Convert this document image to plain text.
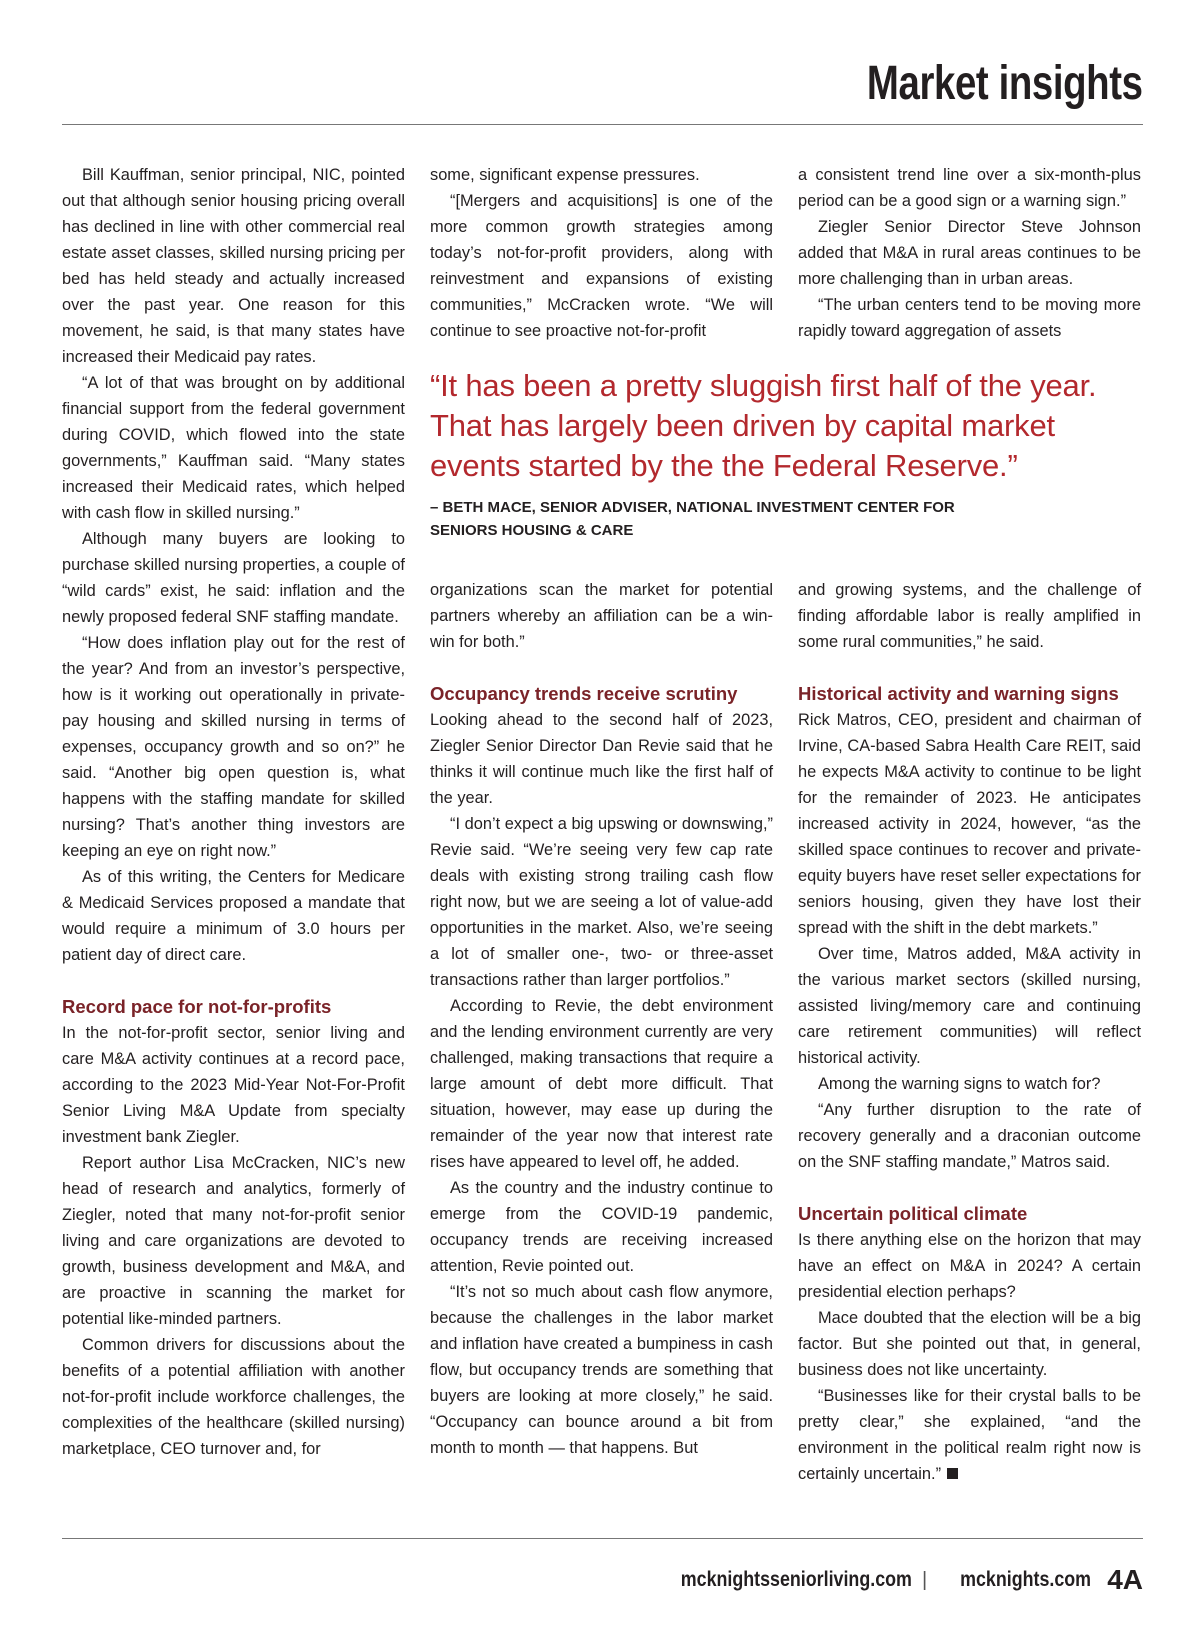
Market insights

Bill Kauffman, senior principal, NIC, pointed out that although senior housing pricing overall has declined in line with other commercial real estate asset classes, skilled nursing pricing per bed has held steady and actually increased over the past year. One reason for this movement, he said, is that many states have increased their Medicaid pay rates.

“A lot of that was brought on by additional financial support from the federal government during COVID, which flowed into the state governments,” Kauffman said. “Many states increased their Medicaid rates, which helped with cash flow in skilled nursing.”

Although many buyers are looking to purchase skilled nursing properties, a couple of “wild cards” exist, he said: inflation and the newly proposed federal SNF staffing mandate.

“How does inflation play out for the rest of the year? And from an investor’s perspective, how is it working out operationally in private-pay housing and skilled nursing in terms of expenses, occupancy growth and so on?” he said. “Another big open question is, what happens with the staffing mandate for skilled nursing? That’s another thing investors are keeping an eye on right now.”

As of this writing, the Centers for Medicare & Medicaid Services proposed a mandate that would require a minimum of 3.0 hours per patient day of direct care.

Record pace for not-for-profits

In the not-for-profit sector, senior living and care M&A activity continues at a record pace, according to the 2023 Mid-Year Not-For-Profit Senior Living M&A Update from specialty investment bank Ziegler.

Report author Lisa McCracken, NIC’s new head of research and analytics, formerly of Ziegler, noted that many not-for-profit senior living and care organizations are devoted to growth, business development and M&A, and are proactive in scanning the market for potential like-minded partners.

Common drivers for discussions about the benefits of a potential affiliation with another not-for-profit include workforce challenges, the complexities of the healthcare (skilled nursing) marketplace, CEO turnover and, for

some, significant expense pressures.

“[Mergers and acquisitions] is one of the more common growth strategies among today’s not-for-profit providers, along with reinvestment and expansions of existing communities,” McCracken wrote. “We will continue to see proactive not-for-profit

a consistent trend line over a six-month-plus period can be a good sign or a warning sign.”

Ziegler Senior Director Steve Johnson added that M&A in rural areas continues to be more challenging than in urban areas.

“The urban centers tend to be moving more rapidly toward aggregation of assets

“It has been a pretty sluggish first half of the year. That has largely been driven by capital market events started by the the Federal Reserve.”

– BETH MACE, SENIOR ADVISER, NATIONAL INVESTMENT CENTER FOR SENIORS HOUSING & CARE

organizations scan the market for potential partners whereby an affiliation can be a win-win for both.”

Occupancy trends receive scrutiny

Looking ahead to the second half of 2023, Ziegler Senior Director Dan Revie said that he thinks it will continue much like the first half of the year.

“I don’t expect a big upswing or downswing,” Revie said. “We’re seeing very few cap rate deals with existing strong trailing cash flow right now, but we are seeing a lot of value-add opportunities in the market. Also, we’re seeing a lot of smaller one-, two- or three-asset transactions rather than larger portfolios.”

According to Revie, the debt environment and the lending environment currently are very challenged, making transactions that require a large amount of debt more difficult. That situation, however, may ease up during the remainder of the year now that interest rate rises have appeared to level off, he added.

As the country and the industry continue to emerge from the COVID-19 pandemic, occupancy trends are receiving increased attention, Revie pointed out.

“It’s not so much about cash flow anymore, because the challenges in the labor market and inflation have created a bumpiness in cash flow, but occupancy trends are something that buyers are looking at more closely,” he said. “Occupancy can bounce around a bit from month to month — that happens. But

and growing systems, and the challenge of finding affordable labor is really amplified in some rural communities,” he said.

Historical activity and warning signs

Rick Matros, CEO, president and chairman of Irvine, CA-based Sabra Health Care REIT, said he expects M&A activity to continue to be light for the remainder of 2023. He anticipates increased activity in 2024, however, “as the skilled space continues to recover and private-equity buyers have reset seller expectations for seniors housing, given they have lost their spread with the shift in the debt markets.”

Over time, Matros added, M&A activity in the various market sectors (skilled nursing, assisted living/memory care and continuing care retirement communities) will reflect historical activity.

Among the warning signs to watch for?

“Any further disruption to the rate of recovery generally and a draconian outcome on the SNF staffing mandate,” Matros said.

Uncertain political climate

Is there anything else on the horizon that may have an effect on M&A in 2024? A certain presidential election perhaps?

Mace doubted that the election will be a big factor. But she pointed out that, in general, business does not like uncertainty.

“Businesses like for their crystal balls to be pretty clear,” she explained, “and the environment in the political realm right now is certainly uncertain.”

mcknightsseniorliving.com | mcknights.com 4A
